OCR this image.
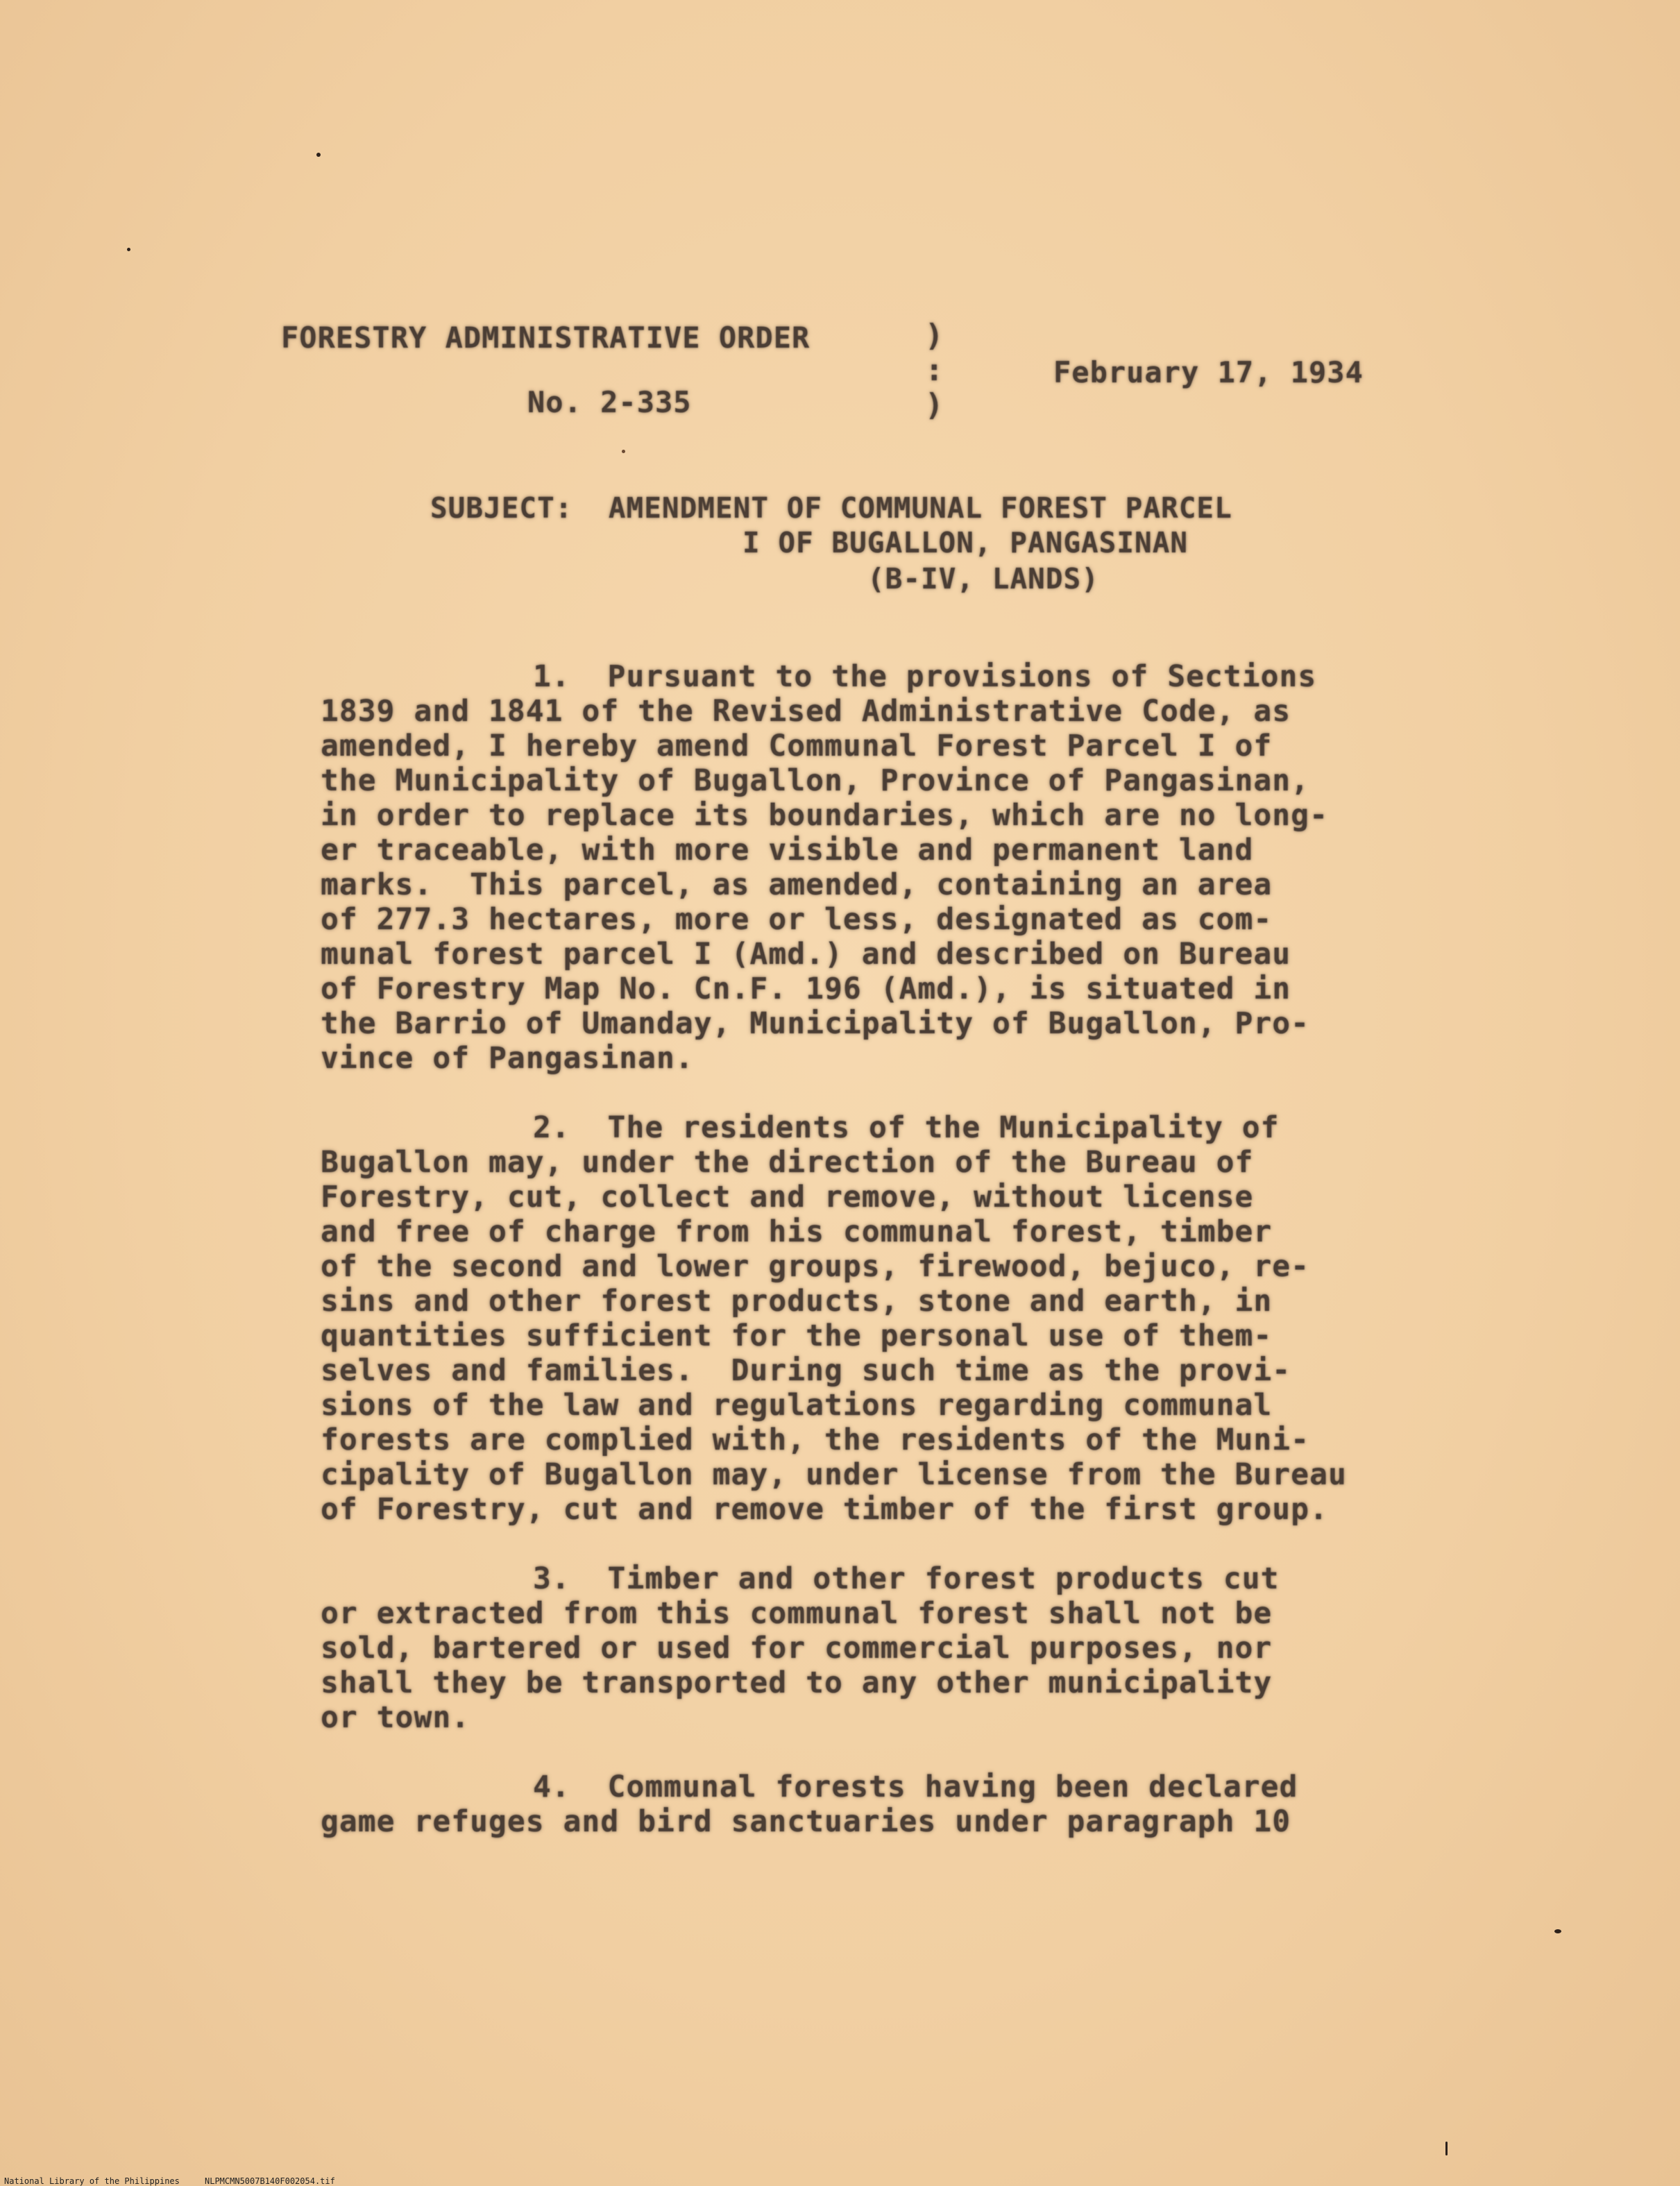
FORESTRY ADMINISTRATIVE ORDER
No. 2-335
)
:
)
February 17, 1934
SUBJECT:  AMENDMENT OF COMMUNAL FOREST PARCEL
I OF BUGALLON, PANGASINAN
(B-IV, LANDS)
1.  Pursuant to the provisions of Sections
1839 and 1841 of the Revised Administrative Code, as
amended, I hereby amend Communal Forest Parcel I of
the Municipality of Bugallon, Province of Pangasinan,
in order to replace its boundaries, which are no long-
er traceable, with more visible and permanent land
marks.  This parcel, as amended, containing an area
of 277.3 hectares, more or less, designated as com-
munal forest parcel I (Amd.) and described on Bureau
of Forestry Map No. Cn.F. 196 (Amd.), is situated in
the Barrio of Umanday, Municipality of Bugallon, Pro-
vince of Pangasinan.
2.  The residents of the Municipality of
Bugallon may, under the direction of the Bureau of
Forestry, cut, collect and remove, without license
and free of charge from his communal forest, timber
of the second and lower groups, firewood, bejuco, re-
sins and other forest products, stone and earth, in
quantities sufficient for the personal use of them-
selves and families.  During such time as the provi-
sions of the law and regulations regarding communal
forests are complied with, the residents of the Muni-
cipality of Bugallon may, under license from the Bureau
of Forestry, cut and remove timber of the first group.
3.  Timber and other forest products cut
or extracted from this communal forest shall not be
sold, bartered or used for commercial purposes, nor
shall they be transported to any other municipality
or town.
4.  Communal forests having been declared
game refuges and bird sanctuaries under paragraph 10
National Library of the Philippines	NLPMCMN5007B140F002054.tif
